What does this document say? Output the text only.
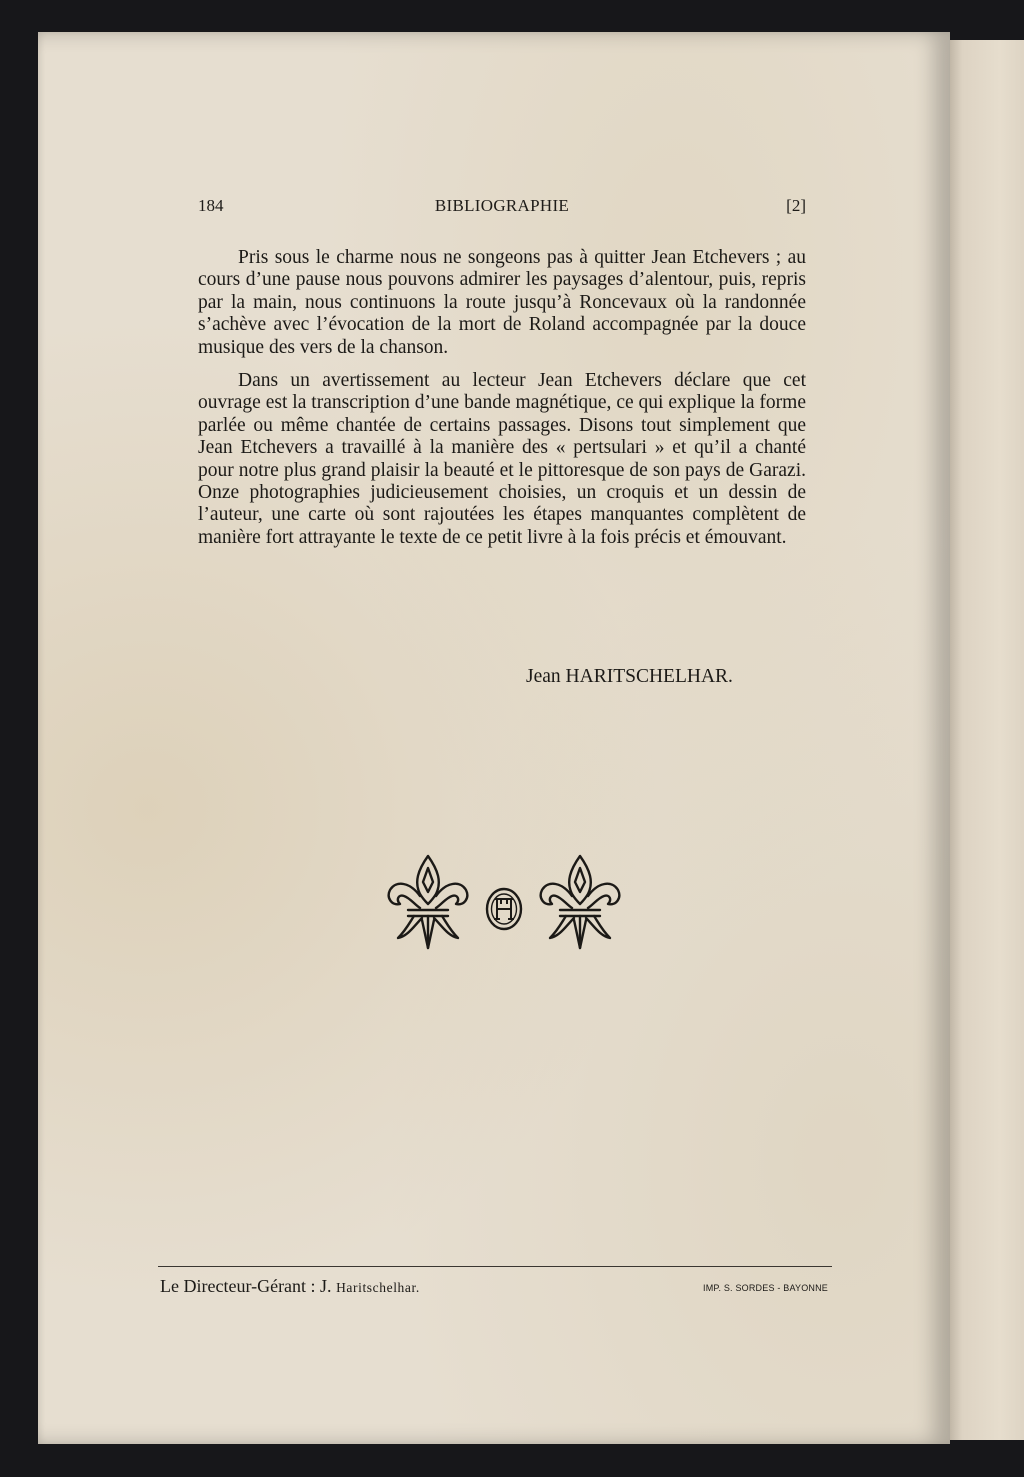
184	BIBLIOGRAPHIE	[2]

Pris sous le charme nous ne songeons pas à quitter Jean Etchevers ; au cours d’une pause nous pouvons admirer les paysages d’alentour, puis, repris par la main, nous continuons la route jusqu’à Roncevaux où la randonnée s’achève avec l’évocation de la mort de Roland accompagnée par la douce musique des vers de la chanson.

Dans un avertissement au lecteur Jean Etchevers déclare que cet ouvrage est la transcription d’une bande magnétique, ce qui explique la forme parlée ou même chantée de certains passages. Disons tout simplement que Jean Etchevers a travaillé à la manière des « pertsulari » et qu’il a chanté pour notre plus grand plaisir la beauté et le pittoresque de son pays de Garazi. Onze photographies judicieusement choisies, un croquis et un dessin de l’auteur, une carte où sont rajoutées les étapes manquantes complètent de manière fort attrayante le texte de ce petit livre à la fois précis et émouvant.

Jean HARITSCHELHAR.
Le Directeur-Gérant : J. Haritschelhar.	IMP. S. SORDES - BAYONNE
